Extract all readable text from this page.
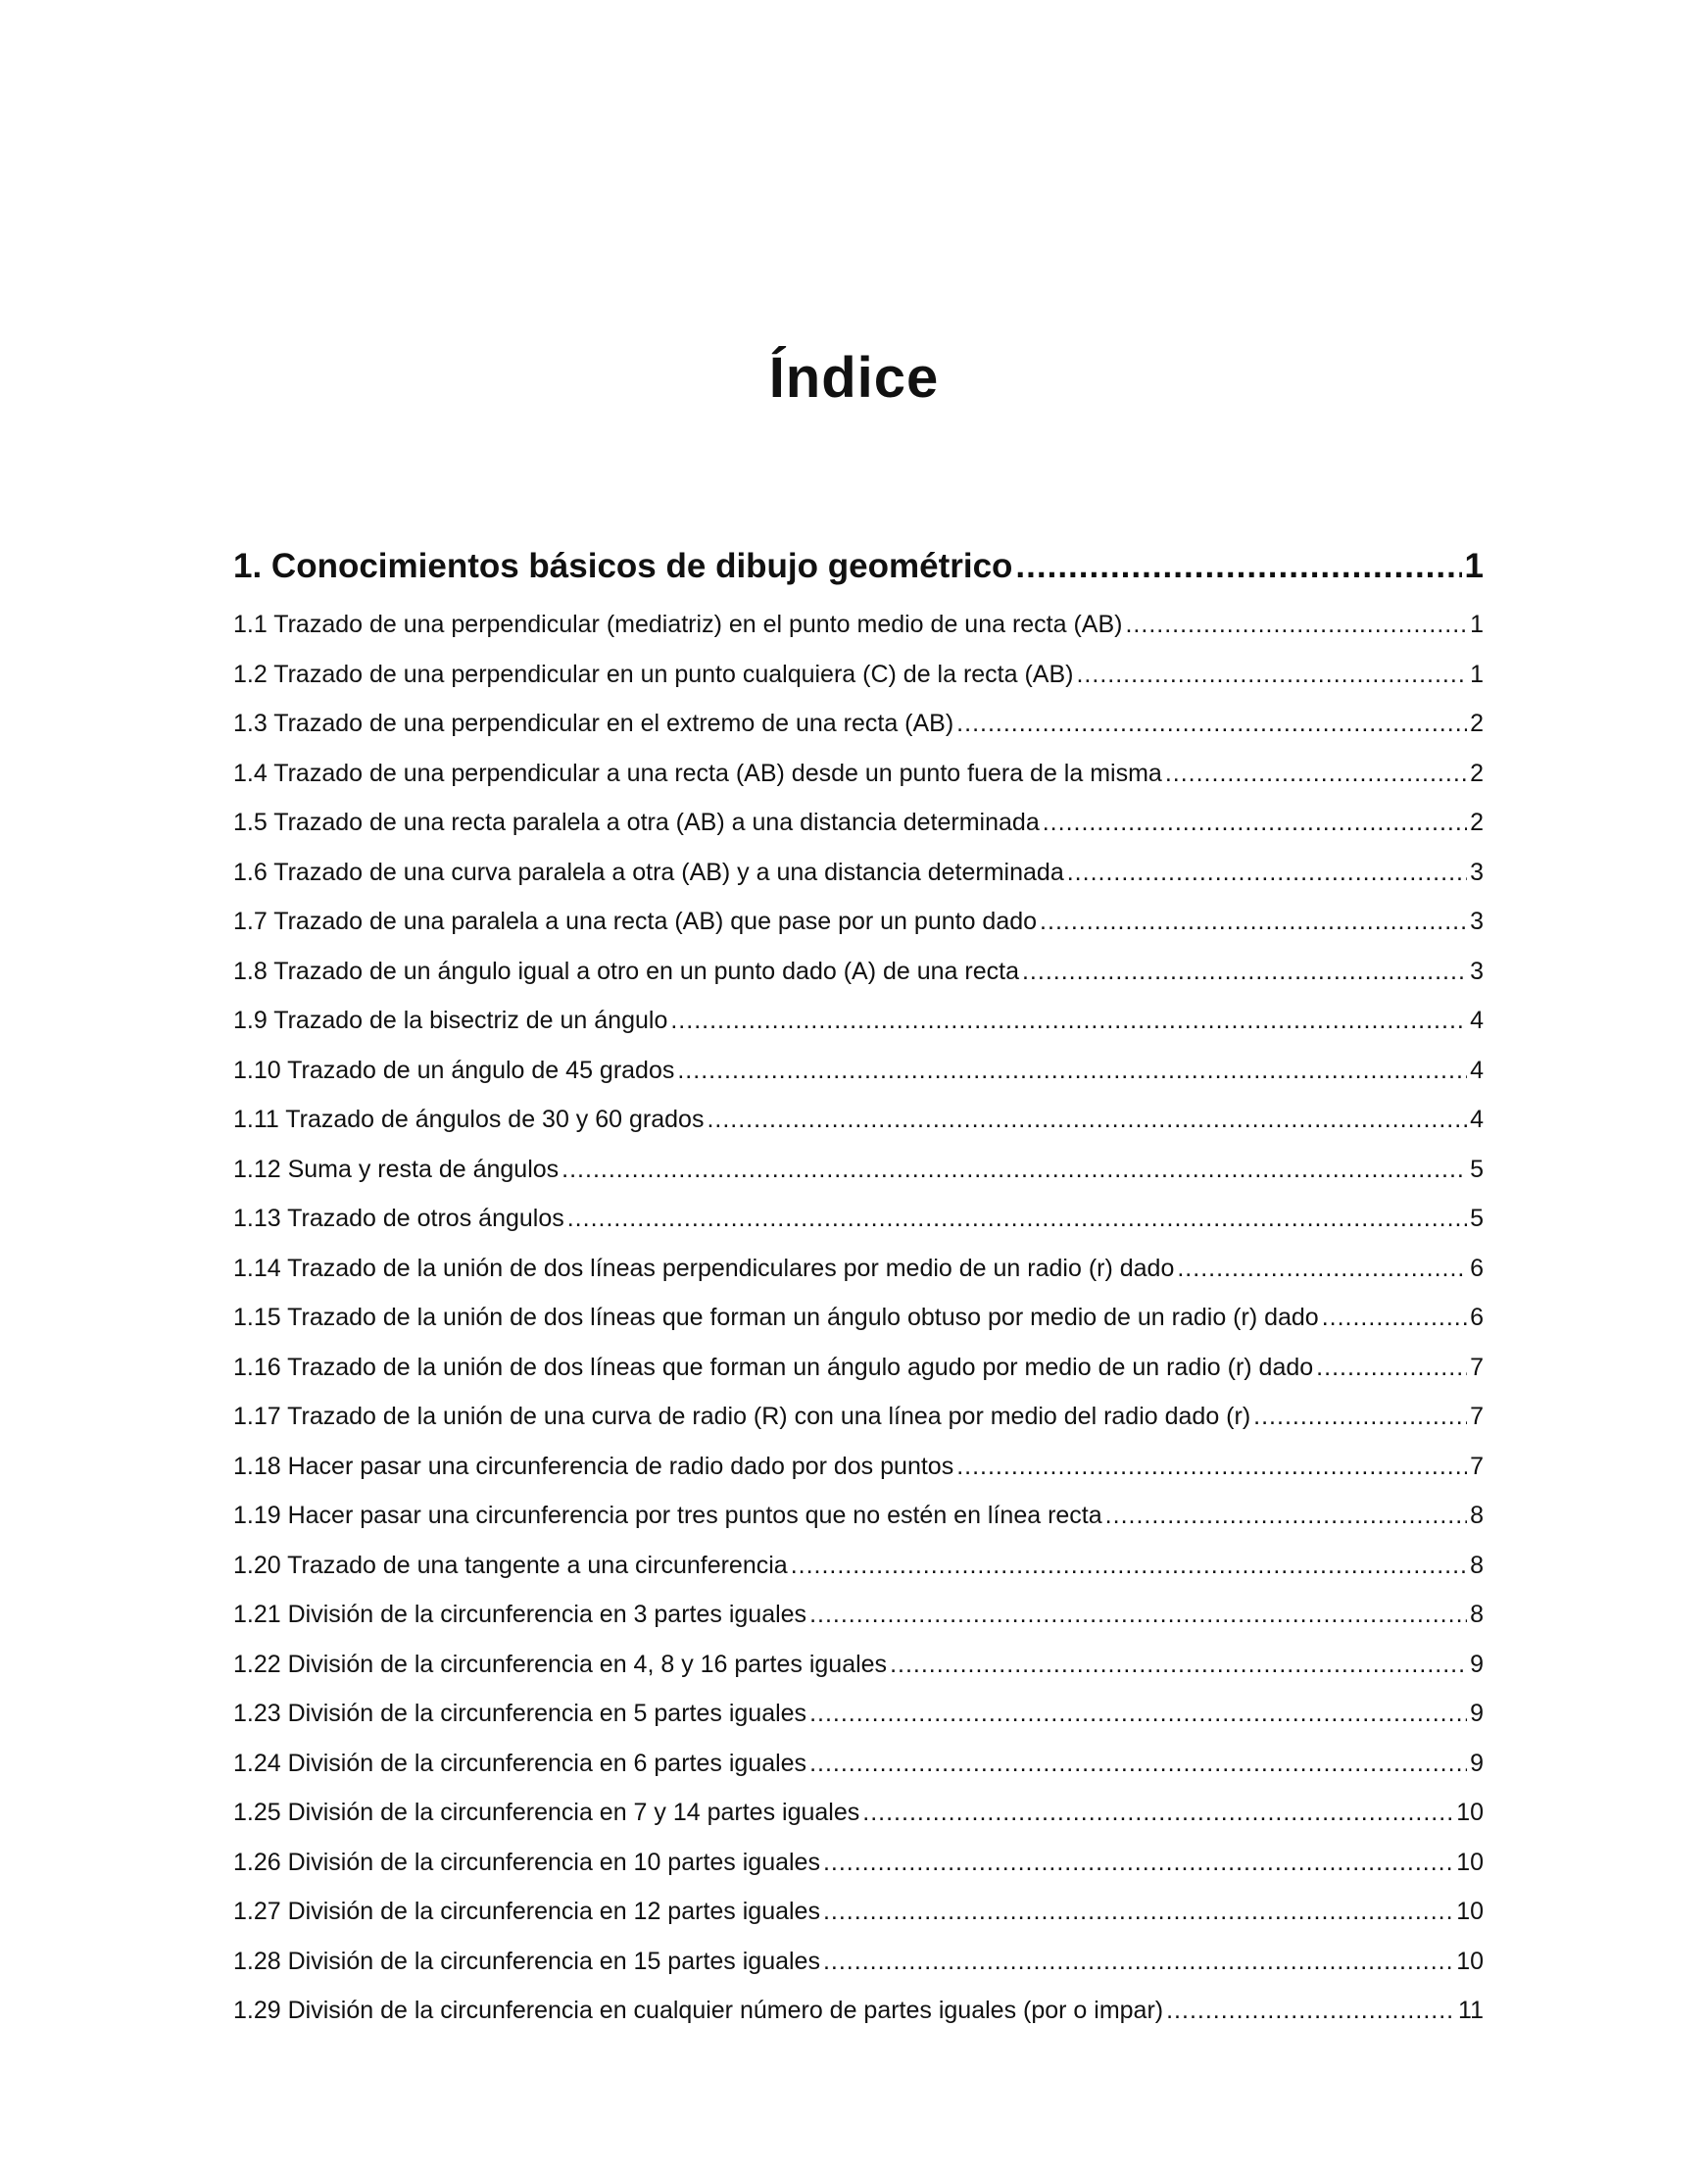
Índice
1. Conocimientos básicos de dibujo geométrico .....	1
1.1 Trazado de una perpendicular (mediatriz) en el punto medio de una recta (AB) .....	1
1.2 Trazado de una perpendicular en un punto cualquiera (C) de la recta (AB) .....	1
1.3 Trazado de una perpendicular en el extremo de una recta (AB) .....	2
1.4 Trazado de una perpendicular a una recta (AB) desde un punto fuera de la misma .....	2
1.5 Trazado de una recta paralela a otra (AB) a una distancia determinada .....	2
1.6 Trazado de una curva paralela a otra (AB) y a una distancia determinada .....	3
1.7 Trazado de una paralela a una recta (AB) que pase por un punto dado .....	3
1.8 Trazado de un ángulo igual a otro en un punto dado (A) de una recta .....	3
1.9 Trazado de la bisectriz de un ángulo .....	4
1.10 Trazado de un ángulo de 45 grados .....	4
1.11 Trazado de ángulos de 30 y 60 grados .....	4
1.12 Suma y resta de ángulos .....	5
1.13 Trazado de otros ángulos .....	5
1.14 Trazado de la unión de dos líneas perpendiculares por medio de un radio (r) dado .....	6
1.15 Trazado de la unión de dos líneas que forman un ángulo obtuso por medio de un radio (r) dado .....	6
1.16 Trazado de la unión de dos líneas que forman un ángulo agudo por medio de un radio (r) dado .....	7
1.17 Trazado de la unión de una curva de radio (R) con una línea por medio del radio dado (r) .....	7
1.18 Hacer pasar una circunferencia de radio dado por dos puntos .....	7
1.19 Hacer pasar una circunferencia por tres puntos que no estén en línea recta .....	8
1.20 Trazado de una tangente a una circunferencia .....	8
1.21 División de la circunferencia en 3 partes iguales .....	8
1.22 División de la circunferencia en 4, 8 y 16 partes iguales .....	9
1.23 División de la circunferencia en 5 partes iguales .....	9
1.24 División de la circunferencia en 6 partes iguales .....	9
1.25 División de la circunferencia en 7 y 14 partes iguales .....	10
1.26 División de la circunferencia en 10 partes iguales .....	10
1.27 División de la circunferencia en 12 partes iguales .....	10
1.28 División de la circunferencia en 15 partes iguales .....	10
1.29 División de la circunferencia en cualquier número de partes iguales (por o impar) .....	11
